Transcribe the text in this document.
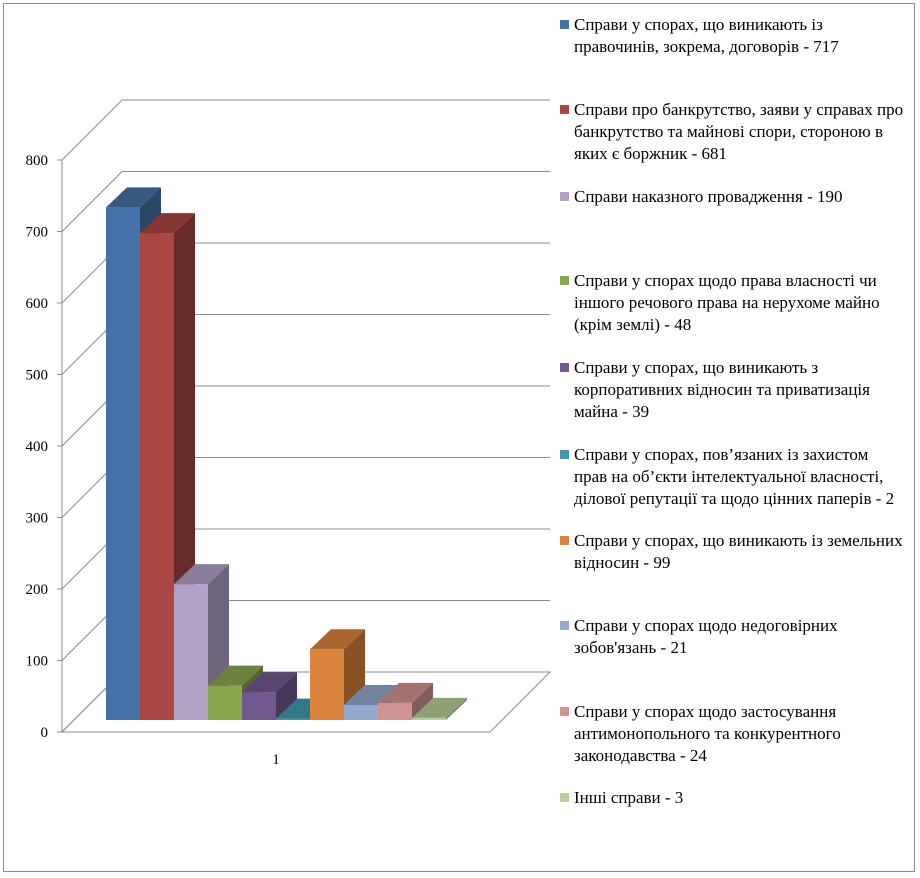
0
100
200
300
400
500
600
700
800
1
Справи у спорах, що виникають із правочинів, зокрема, договорів - 717
Справи про банкрутство, заяви у справах про банкрутство та майнові спори, стороною в яких є боржник - 681
Справи наказного провадження - 190
Справи у спорах щодо права власності чи іншого речового права на нерухоме майно (крім землі) - 48
Справи у спорах, що виникають з корпоративних відносин та приватизація майна - 39
Справи у спорах, пов’язаних із захистом прав на об’єкти інтелектуальної власності, ділової репутації та щодо цінних паперів - 2
Справи у спорах, що виникають із земельних відносин - 99
Справи у спорах щодо недоговірних зобов'язань - 21
Справи у спорах щодо застосування антимонопольного та конкурентного законодавства - 24
Інші справи - 3
